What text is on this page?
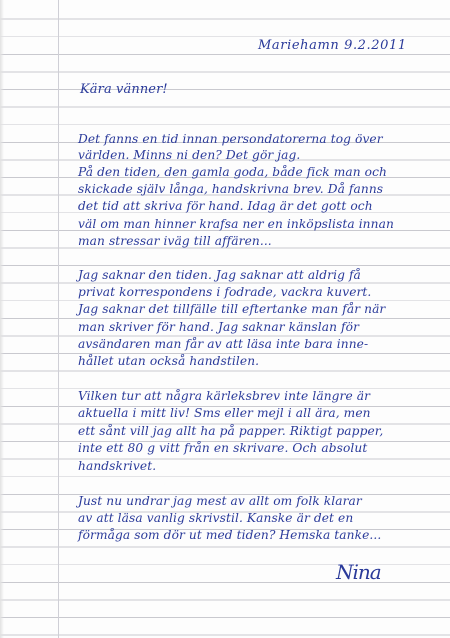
Mariehamn 9.2.2011
Kära vänner!
Det fanns en tid innan persondatorerna tog över
världen. Minns ni den? Det gör jag.
På den tiden, den gamla goda, både fick man och
skickade själv långa, handskrivna brev. Då fanns
det tid att skriva för hand. Idag är det gott och
väl om man hinner krafsa ner en inköpslista innan
man stressar iväg till affären...
Jag saknar den tiden. Jag saknar att aldrig få
privat korrespondens i fodrade, vackra kuvert.
Jag saknar det tillfälle till eftertanke man får när
man skriver för hand. Jag saknar känslan för
avsändaren man får av att läsa inte bara inne-
hållet utan också handstilen.
Vilken tur att några kärleksbrev inte längre är
aktuella i mitt liv! Sms eller mejl i all ära, men
ett sånt vill jag allt ha på papper. Riktigt papper,
inte ett 80 g vitt från en skrivare. Och absolut
handskrivet.
Just nu undrar jag mest av allt om folk klarar
av att läsa vanlig skrivstil. Kanske är det en
förmåga som dör ut med tiden? Hemska tanke...
Nina
